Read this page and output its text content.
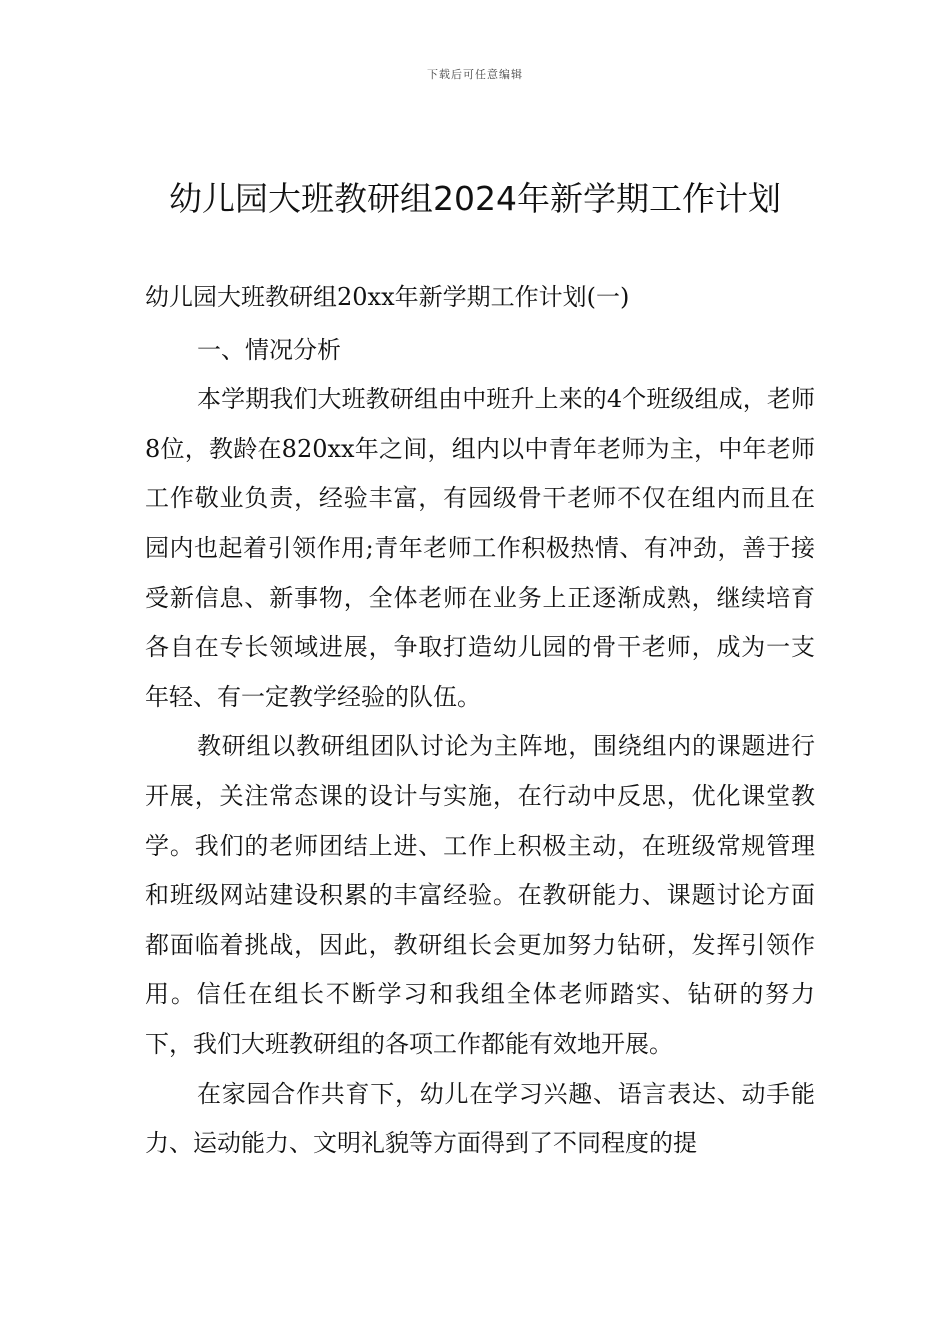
下载后可任意编辑
幼儿园大班教研组2024年新学期工作计划

幼儿园大班教研组20xx年新学期工作计划(一)

一、情况分析

本学期我们大班教研组由中班升上来的4个班级组成，老师8位，教龄在820xx年之间，组内以中青年老师为主，中年老师工作敬业负责，经验丰富，有园级骨干老师不仅在组内而且在园内也起着引领作用;青年老师工作积极热情、有冲劲，善于接受新信息、新事物，全体老师在业务上正逐渐成熟，继续培育各自在专长领域进展，争取打造幼儿园的骨干老师，成为一支年轻、有一定教学经验的队伍。

教研组以教研组团队讨论为主阵地，围绕组内的课题进行开展，关注常态课的设计与实施，在行动中反思，优化课堂教学。我们的老师团结上进、工作上积极主动，在班级常规管理和班级网站建设积累的丰富经验。在教研能力、课题讨论方面都面临着挑战，因此，教研组长会更加努力钻研，发挥引领作用。信任在组长不断学习和我组全体老师踏实、钻研的努力下，我们大班教研组的各项工作都能有效地开展。

在家园合作共育下，幼儿在学习兴趣、语言表达、动手能力、运动能力、文明礼貌等方面得到了不同程度的提
